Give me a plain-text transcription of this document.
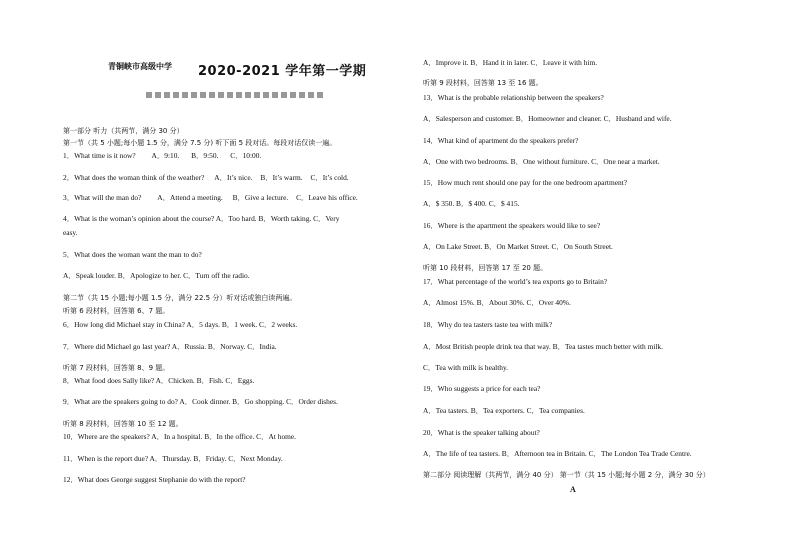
青铜峡市高级中学 2020-2021 学年第一学期
第一部分 听力（共两节，满分 30 分）
第一节（共 5 小题;每小题 1.5 分，满分 7.5 分) 听下面 5 段对话。每段对话仅读一遍。
1．What time is it now? A．9:10. B．9:50. C．10:00.
2．What does the woman think of the weather? A．It’s nice. B．It’s warm. C．It’s cold.
3．What will the man do? A．Attend a meeting. B．Give a lecture. C．Leave his office.
4．What is the woman’s opinion about the course? A．Too hard. B．Worth taking. C．Very
easy.
5．What does the woman want the man to do?
A．Speak louder. B．Apologize to her. C．Turn off the radio.
第二节（共 15 小题;每小题 1.5 分，满分 22.5 分）听对话或独白读两遍。
听第 6 段材料，回答第 6、7 题。
6．How long did Michael stay in China? A．5 days. B．1 week. C．2 weeks.
7．Where did Michael go last year? A．Russia. B．Norway. C．India.
听第 7 段材料，回答第 8、9 题。
8．What food does Sally like? A．Chicken. B．Fish. C．Eggs.
9．What are the speakers going to do? A．Cook dinner. B．Go shopping. C．Order dishes.
听第 8 段材料，回答第 10 至 12 题。
10．Where are the speakers? A．In a hospital. B．In the office. C．At home.
11．When is the report due? A．Thursday. B．Friday. C．Next Monday.
12．What does George suggest Stephanie do with the report?
A．Improve it. B．Hand it in later. C．Leave it with him.
听第 9 段材料，回答第 13 至 16 题。
13．What is the probable relationship between the speakers?
A．Salesperson and customer. B．Homeowner and cleaner. C．Husband and wife.
14．What kind of apartment do the speakers prefer?
A．One with two bedrooms. B．One without furniture. C．One near a market.
15．How much rent should one pay for the one bedroom apartment?
A．$ 350. B．$ 400. C．$ 415.
16．Where is the apartment the speakers would like to see?
A．On Lake Street. B．On Market Street. C．On South Street.
听第 10 段材料，回答第 17 至 20 题。
17．What percentage of the world’s tea exports go to Britain?
A．Almost 15%. B．About 30%. C．Over 40%.
18．Why do tea tasters taste tea with milk?
A．Most British people drink tea that way. B．Tea tastes much better with milk.
C．Tea with milk is healthy.
19．Who suggests a price for each tea?
A．Tea tasters. B．Tea exporters. C．Tea companies.
20．What is the speaker talking about?
A．The life of tea tasters. B．Afternoon tea in Britain. C．The London Tea Trade Centre.
第二部分 阅读理解（共两节，满分 40 分） 第一节（共 15 小题;每小题 2 分，满分 30 分）
A
